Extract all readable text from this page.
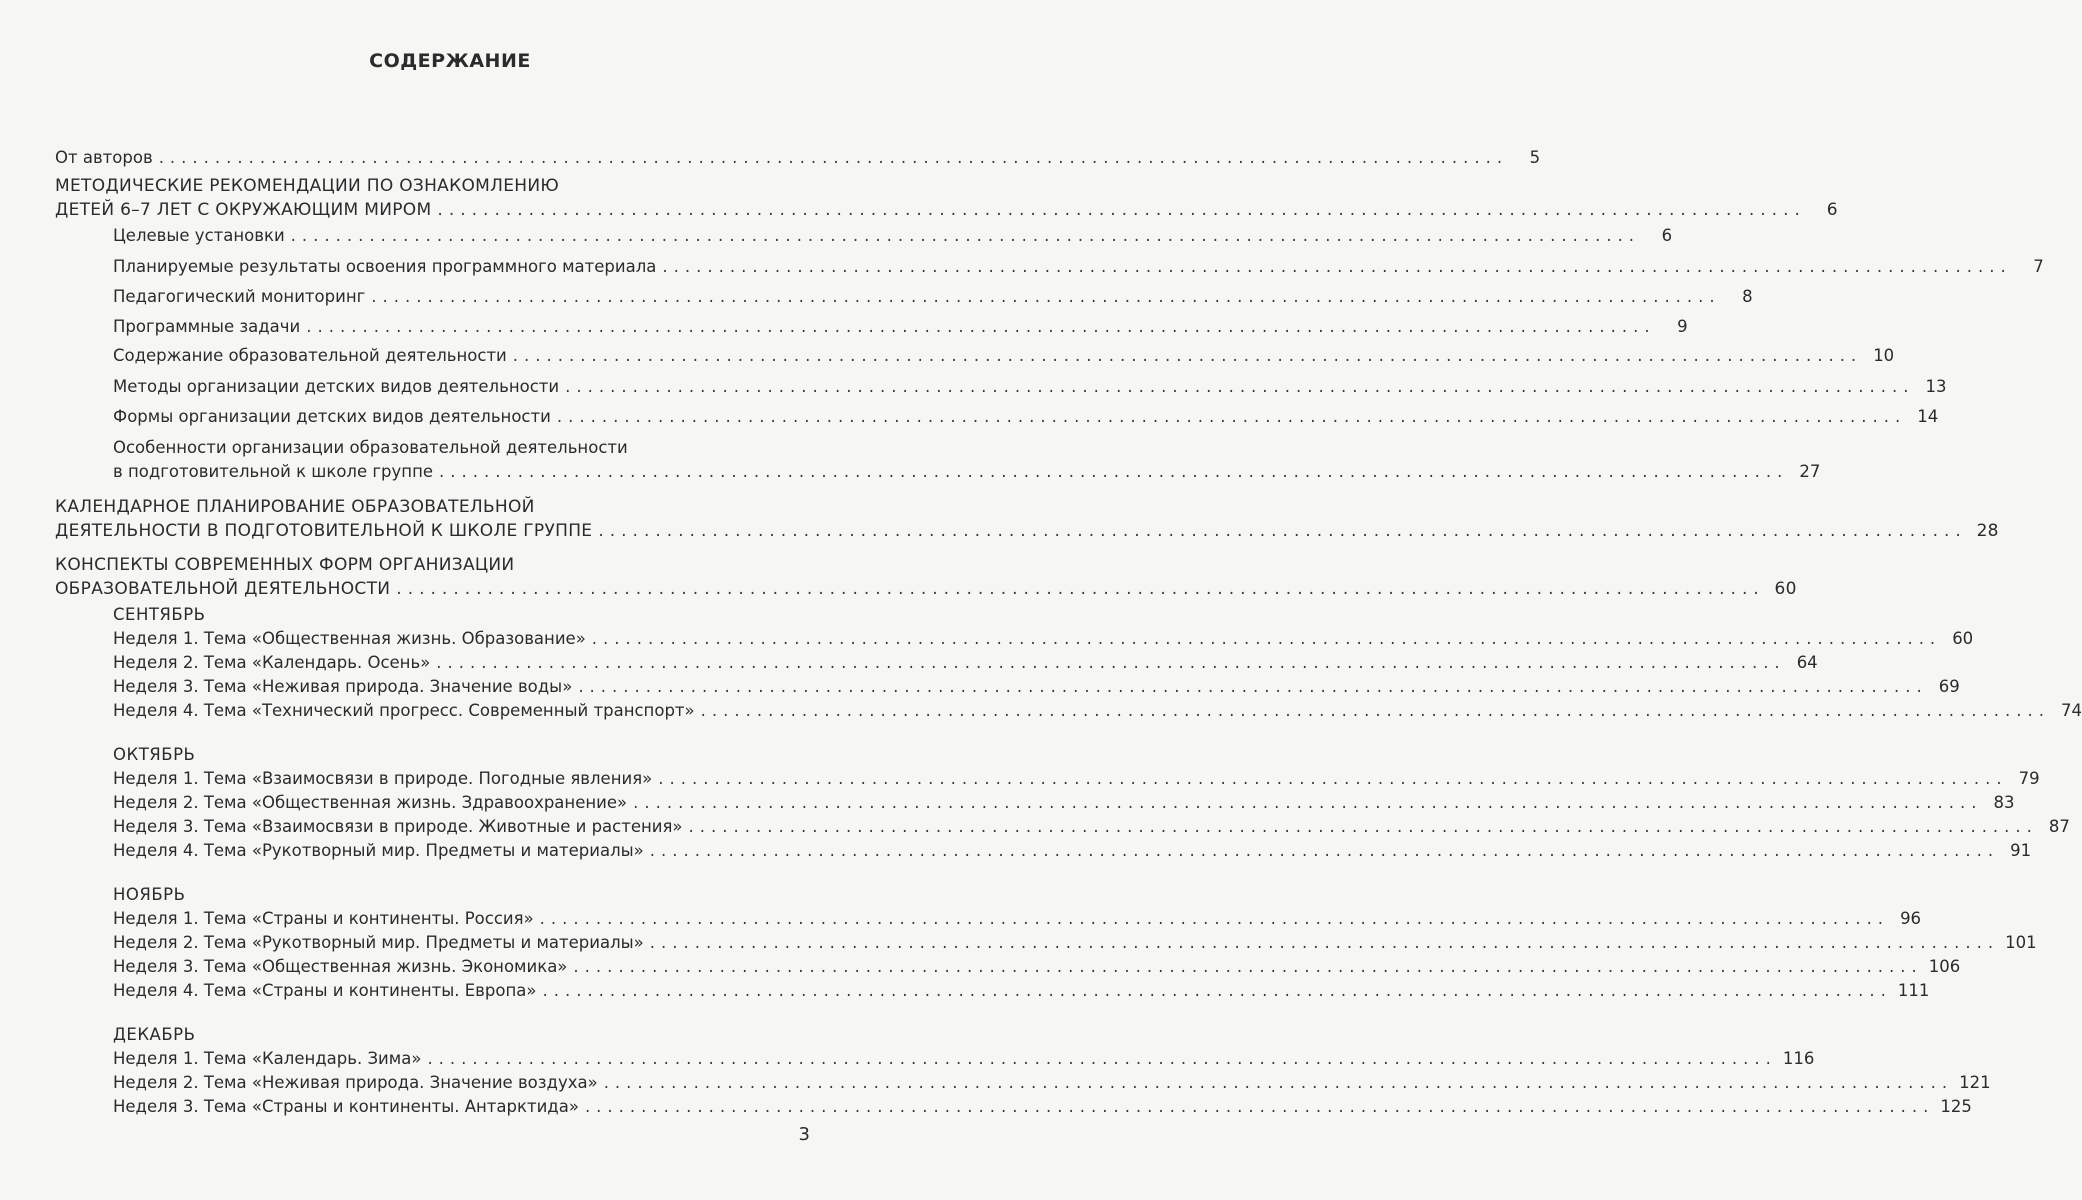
СОДЕРЖАНИЕ
От авторов ........................................................................................................................	5
МЕТОДИЧЕСКИЕ РЕКОМЕНДАЦИИ ПО ОЗНАКОМЛЕНИЮ
ДЕТЕЙ 6–7 ЛЕТ С ОКРУЖАЮЩИМ МИРОМ ........................................................................................................................	6
Целевые установки ........................................................................................................................	6
Планируемые результаты освоения программного материала ........................................................................................................................	7
Педагогический мониторинг ........................................................................................................................	8
Программные задачи ........................................................................................................................	9
Содержание образовательной деятельности ........................................................................................................................ 10
Методы организации детских видов деятельности ........................................................................................................................ 13
Формы организации детских видов деятельности ........................................................................................................................ 14
Особенности организации образовательной деятельности
в подготовительной к школе группе ........................................................................................................................ 27
КАЛЕНДАРНОЕ ПЛАНИРОВАНИЕ ОБРАЗОВАТЕЛЬНОЙ
ДЕЯТЕЛЬНОСТИ В ПОДГОТОВИТЕЛЬНОЙ К ШКОЛЕ ГРУППЕ ........................................................................................................................ 28
КОНСПЕКТЫ СОВРЕМЕННЫХ ФОРМ ОРГАНИЗАЦИИ
ОБРАЗОВАТЕЛЬНОЙ ДЕЯТЕЛЬНОСТИ ........................................................................................................................ 60
СЕНТЯБРЬ
Неделя 1. Тема «Общественная жизнь. Образование» ........................................................................................................................ 60
Неделя 2. Тема «Календарь. Осень» ........................................................................................................................ 64
Неделя 3. Тема «Неживая природа. Значение воды» ........................................................................................................................ 69
Неделя 4. Тема «Технический прогресс. Современный транспорт» ........................................................................................................................ 74
ОКТЯБРЬ
Неделя 1. Тема «Взаимосвязи в природе. Погодные явления» ........................................................................................................................ 79
Неделя 2. Тема «Общественная жизнь. Здравоохранение» ........................................................................................................................ 83
Неделя 3. Тема «Взаимосвязи в природе. Животные и растения» ........................................................................................................................ 87
Неделя 4. Тема «Рукотворный мир. Предметы и материалы» ........................................................................................................................ 91
НОЯБРЬ
Неделя 1. Тема «Страны и континенты. Россия» ........................................................................................................................ 96
Неделя 2. Тема «Рукотворный мир. Предметы и материалы» ........................................................................................................................ 101
Неделя 3. Тема «Общественная жизнь. Экономика» ........................................................................................................................ 106
Неделя 4. Тема «Страны и континенты. Европа» ........................................................................................................................ 111
ДЕКАБРЬ
Неделя 1. Тема «Календарь. Зима» ........................................................................................................................ 116
Неделя 2. Тема «Неживая природа. Значение воздуха» ........................................................................................................................ 121
Неделя 3. Тема «Страны и континенты. Антарктида» ........................................................................................................................ 125
3
